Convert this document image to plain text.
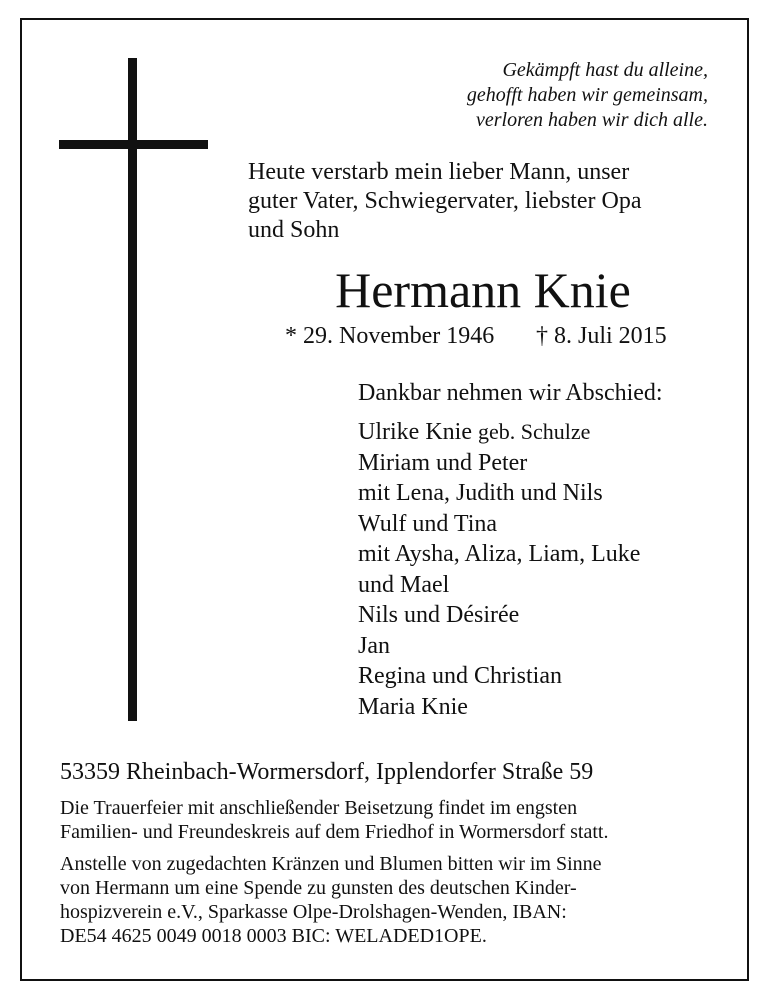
Gekämpft hast du alleine,
gehofft haben wir gemeinsam,
verloren haben wir dich alle.
Heute verstarb mein lieber Mann, unser
guter Vater, Schwiegervater, liebster Opa
und Sohn
Hermann Knie
* 29. November 1946 † 8. Juli 2015
Dankbar nehmen wir Abschied:
Ulrike Knie geb. Schulze
Miriam und Peter
mit Lena, Judith und Nils
Wulf und Tina
mit Aysha, Aliza, Liam, Luke
und Mael
Nils und Désirée
Jan
Regina und Christian
Maria Knie
53359 Rheinbach-Wormersdorf, Ipplendorfer Straße 59
Die Trauerfeier mit anschließender Beisetzung findet im engsten
Familien- und Freundeskreis auf dem Friedhof in Wormersdorf statt.
Anstelle von zugedachten Kränzen und Blumen bitten wir im Sinne
von Hermann um eine Spende zu gunsten des deutschen Kinder-
hospizverein e.V., Sparkasse Olpe-Drolshagen-Wenden, IBAN:
DE54 4625 0049 0018 0003 BIC: WELADED1OPE.
